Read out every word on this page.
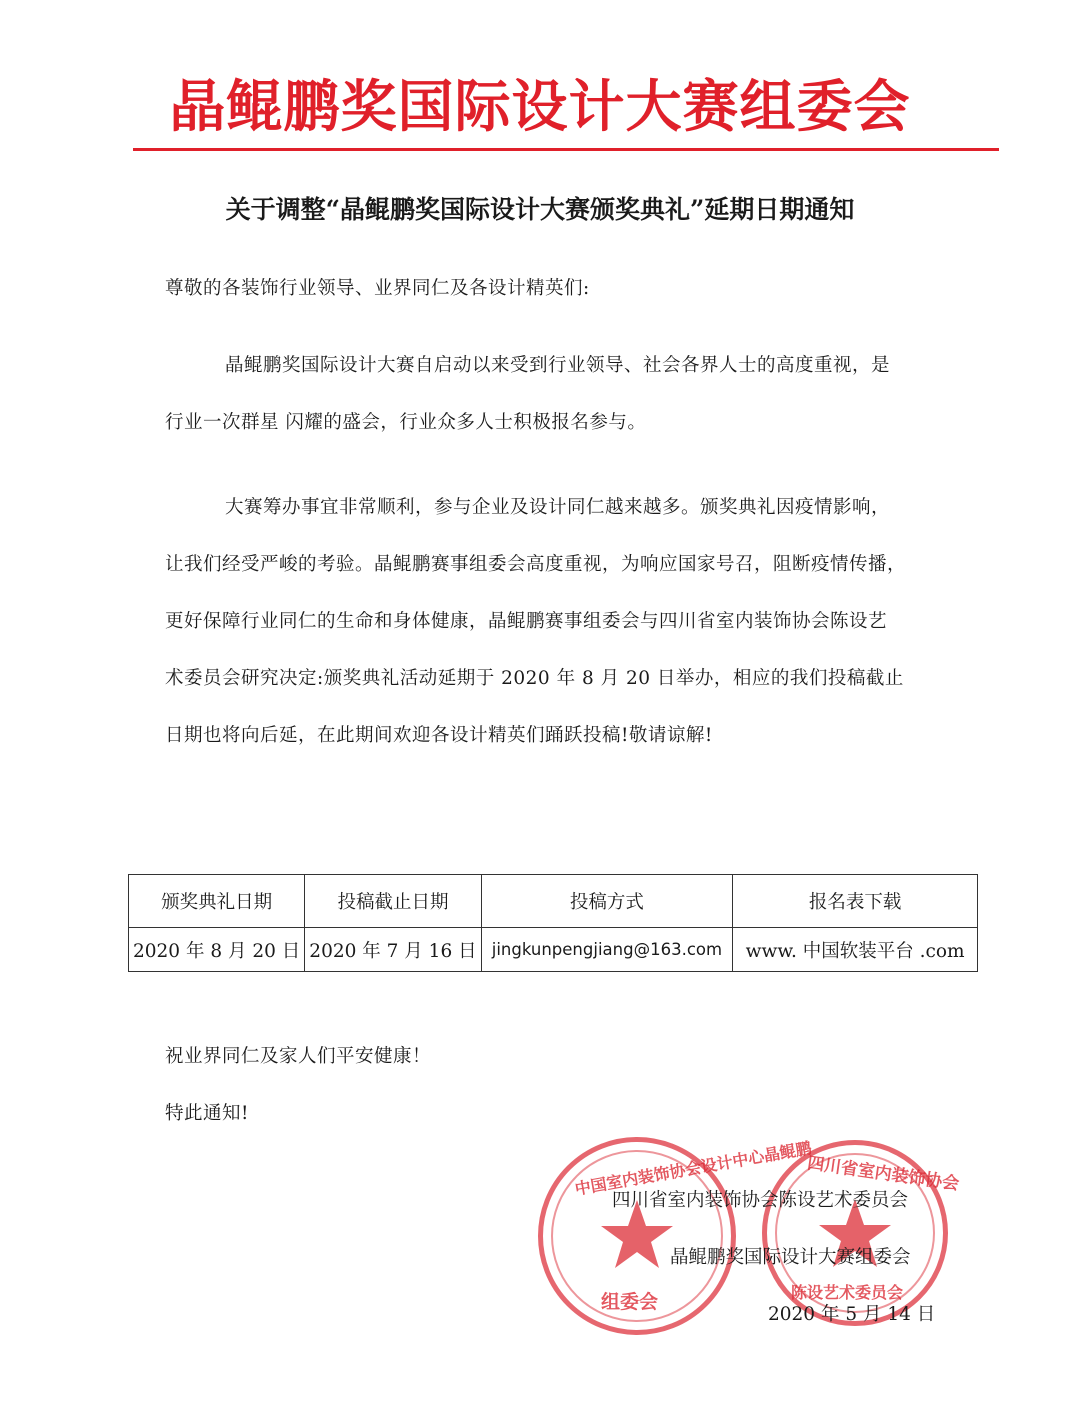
晶鲲鹏奖国际设计大赛组委会
关于调整“晶鲲鹏奖国际设计大赛颁奖典礼”延期日期通知
尊敬的各装饰行业领导、业界同仁及各设计精英们:
晶鲲鹏奖国际设计大赛自启动以来受到行业领导、社会各界人士的高度重视，是
行业一次群星 闪耀的盛会，行业众多人士积极报名参与。
大赛筹办事宜非常顺利，参与企业及设计同仁越来越多。颁奖典礼因疫情影响，
让我们经受严峻的考验。晶鲲鹏赛事组委会高度重视，为响应国家号召，阻断疫情传播，
更好保障行业同仁的生命和身体健康，晶鲲鹏赛事组委会与四川省室内装饰协会陈设艺
术委员会研究决定:颁奖典礼活动延期于 2020 年 8 月 20 日举办，相应的我们投稿截止
日期也将向后延，在此期间欢迎各设计精英们踊跃投稿!敬请谅解!
颁奖典礼日期	投稿截止日期	投稿方式	报名表下载
2020 年 8 月 20 日	2020 年 7 月 16 日	jingkunpengjiang@163.com	www. 中国软装平台 .com
祝业界同仁及家人们平安健康！
特此通知!
组委会
中国室内装饰协会设计中心晶鲲鹏
陈设艺术委员会
四川省室内装饰协会
四川省室内装饰协会陈设艺术委员会
晶鲲鹏奖国际设计大赛组委会
2020 年 5 月 14 日
